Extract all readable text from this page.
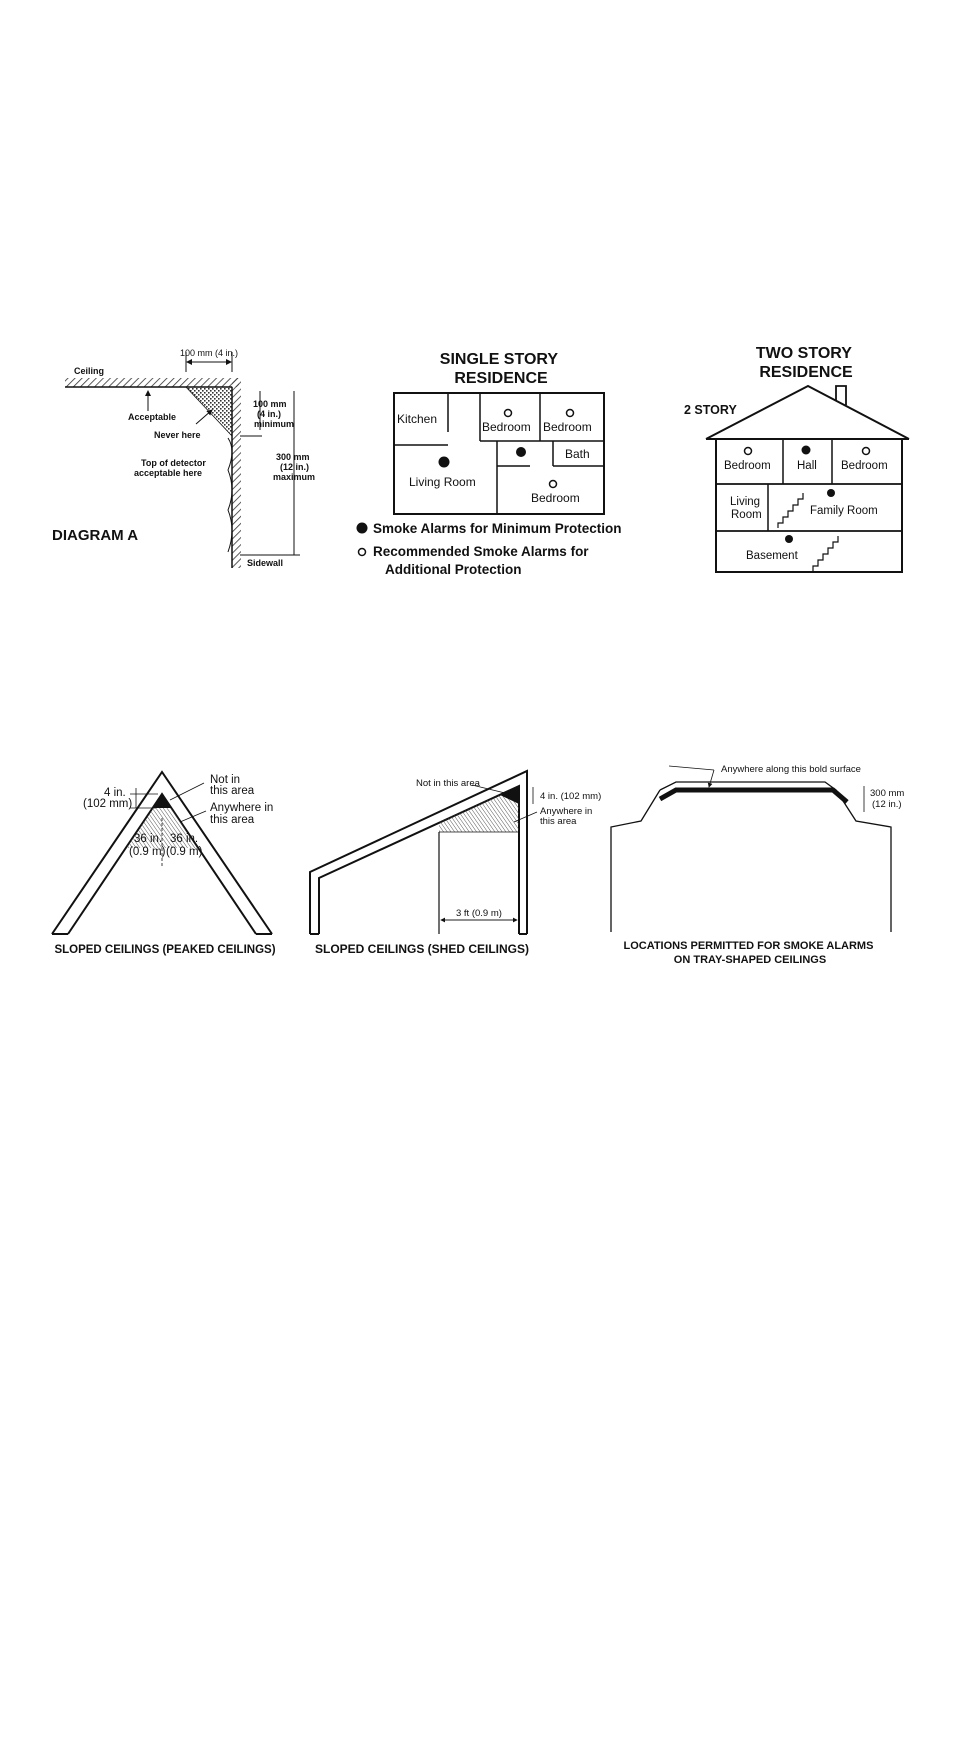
100 mm (4 in.)
Ceiling
Acceptable
Never here
100 mm (4 in.) minimum
300 mm (12 in.) maximum
Top of detector acceptable here
Sidewall
DIAGRAM A
SINGLE STORY RESIDENCE
Kitchen
Bedroom Bedroom
Bath
Living Room
Bedroom
Smoke Alarms for Minimum Protection
Recommended Smoke Alarms for Additional Protection
TWO STORY RESIDENCE
2 STORY
Bedroom Hall Bedroom
Living Room	Family Room
Basement
4 in. (102 mm)
Not in this area
Anywhere in this area
36 in. (0.9 m)
36 in. (0.9 m)
SLOPED CEILINGS (PEAKED CEILINGS)
3 ft (0.9 m)
Not in this area
4 in. (102 mm)
Anywhere in this area
SLOPED CEILINGS (SHED CEILINGS)
Anywhere along this bold surface
300 mm (12 in.)
LOCATIONS PERMITTED FOR SMOKE ALARMS ON TRAY-SHAPED CEILINGS
